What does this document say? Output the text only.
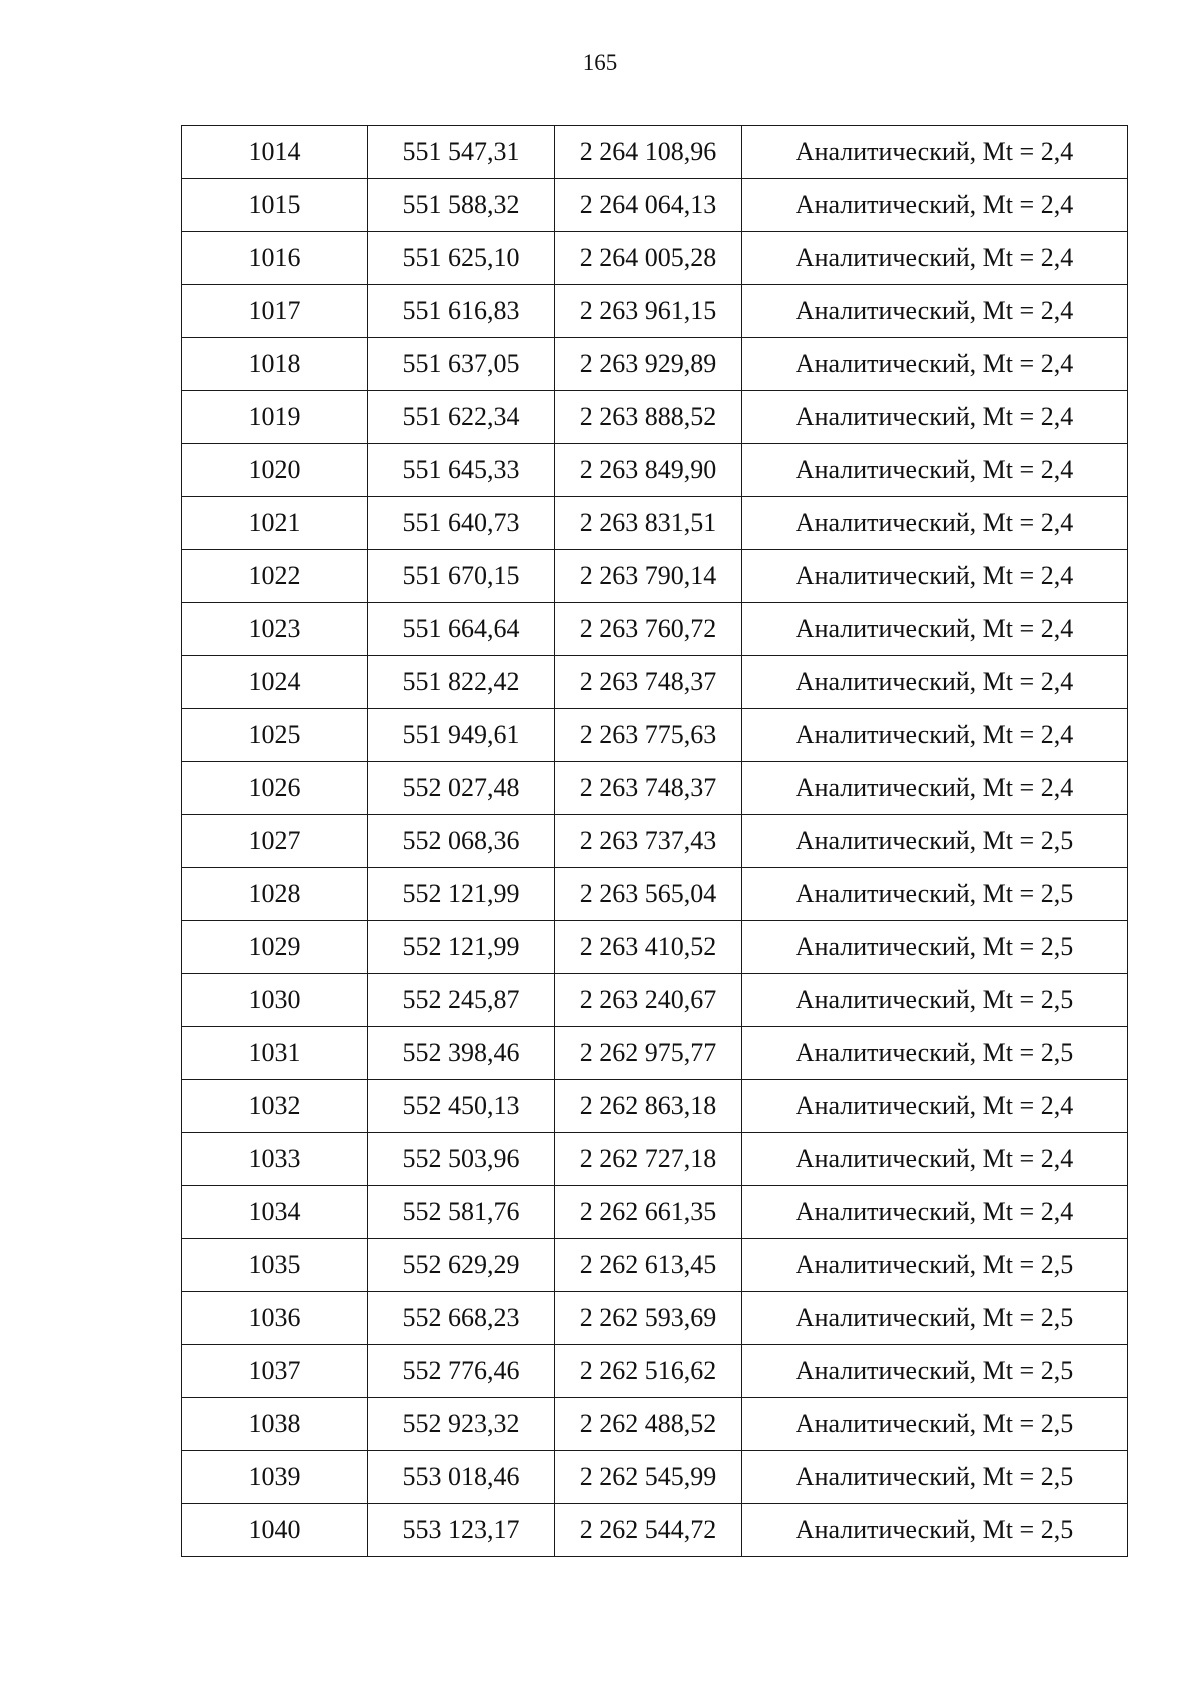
165
1014	551 547,31	2 264 108,96	Аналитический, Mt = 2,4
1015	551 588,32	2 264 064,13	Аналитический, Mt = 2,4
1016	551 625,10	2 264 005,28	Аналитический, Mt = 2,4
1017	551 616,83	2 263 961,15	Аналитический, Mt = 2,4
1018	551 637,05	2 263 929,89	Аналитический, Mt = 2,4
1019	551 622,34	2 263 888,52	Аналитический, Mt = 2,4
1020	551 645,33	2 263 849,90	Аналитический, Mt = 2,4
1021	551 640,73	2 263 831,51	Аналитический, Mt = 2,4
1022	551 670,15	2 263 790,14	Аналитический, Mt = 2,4
1023	551 664,64	2 263 760,72	Аналитический, Mt = 2,4
1024	551 822,42	2 263 748,37	Аналитический, Mt = 2,4
1025	551 949,61	2 263 775,63	Аналитический, Mt = 2,4
1026	552 027,48	2 263 748,37	Аналитический, Mt = 2,4
1027	552 068,36	2 263 737,43	Аналитический, Mt = 2,5
1028	552 121,99	2 263 565,04	Аналитический, Mt = 2,5
1029	552 121,99	2 263 410,52	Аналитический, Mt = 2,5
1030	552 245,87	2 263 240,67	Аналитический, Mt = 2,5
1031	552 398,46	2 262 975,77	Аналитический, Mt = 2,5
1032	552 450,13	2 262 863,18	Аналитический, Mt = 2,4
1033	552 503,96	2 262 727,18	Аналитический, Mt = 2,4
1034	552 581,76	2 262 661,35	Аналитический, Mt = 2,4
1035	552 629,29	2 262 613,45	Аналитический, Mt = 2,5
1036	552 668,23	2 262 593,69	Аналитический, Mt = 2,5
1037	552 776,46	2 262 516,62	Аналитический, Mt = 2,5
1038	552 923,32	2 262 488,52	Аналитический, Mt = 2,5
1039	553 018,46	2 262 545,99	Аналитический, Mt = 2,5
1040	553 123,17	2 262 544,72	Аналитический, Mt = 2,5
